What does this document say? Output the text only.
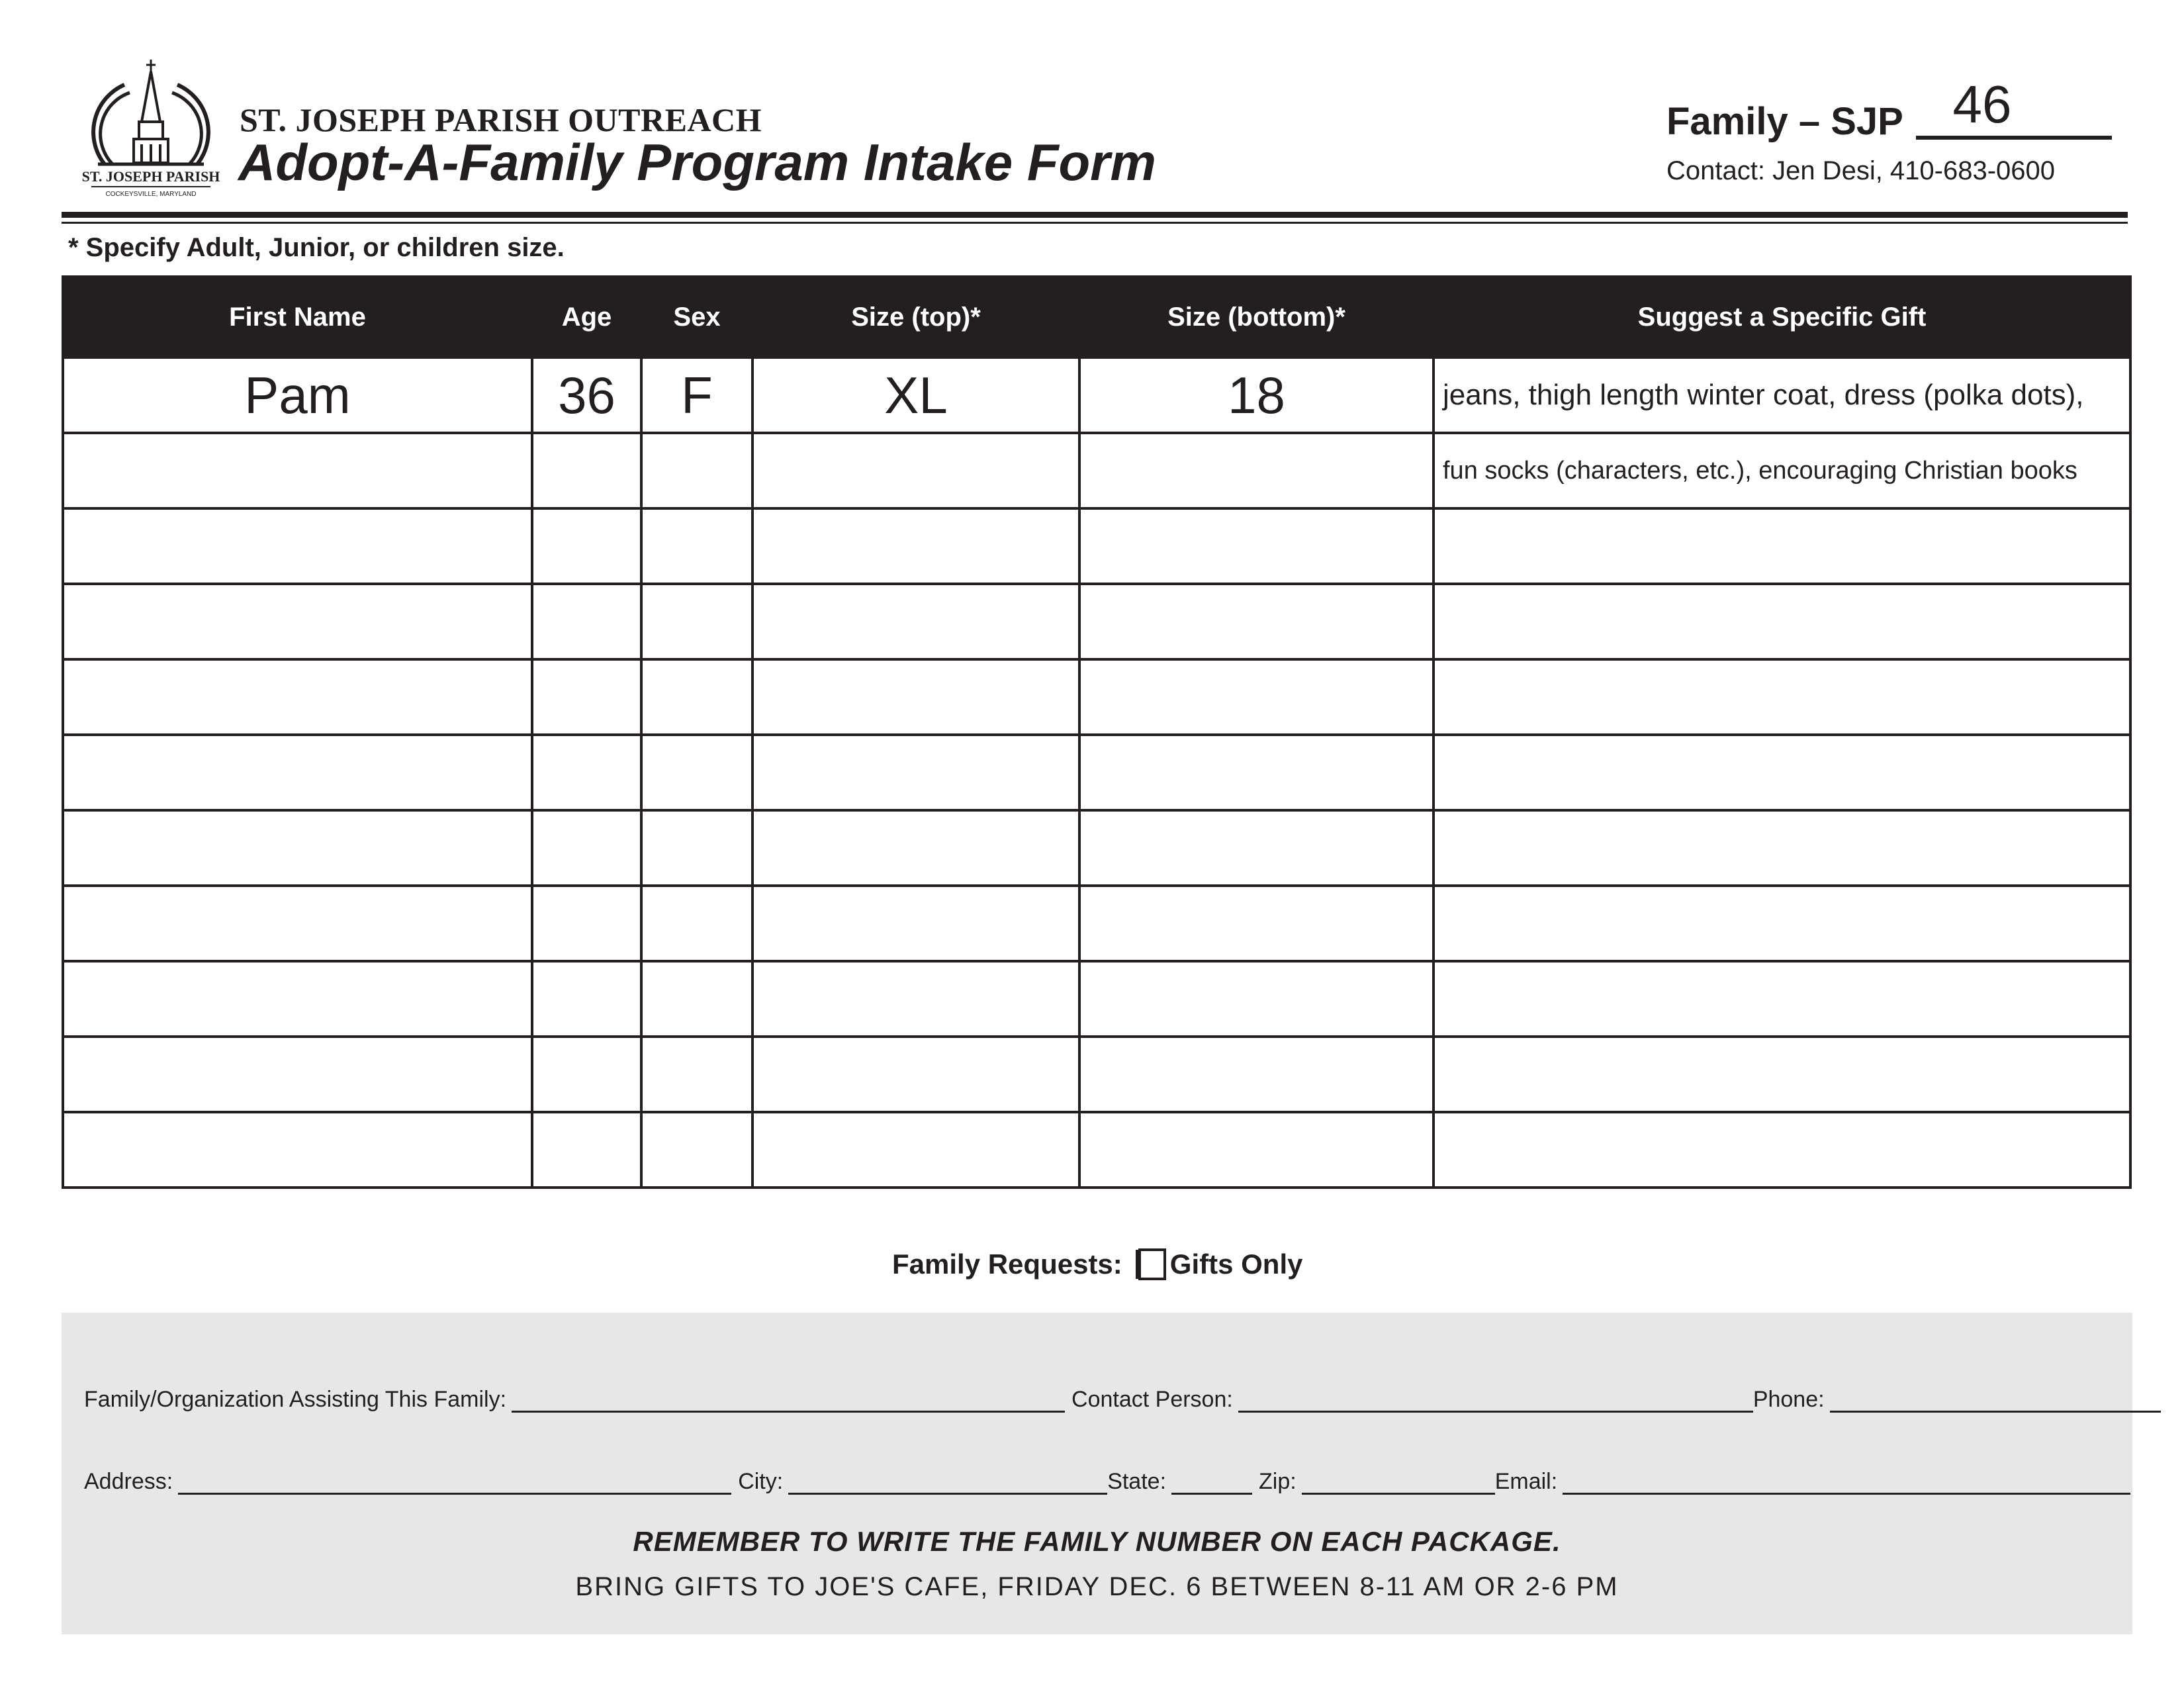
ST. JOSEPH PARISH
COCKEYSVILLE, MARYLAND
ST. JOSEPH PARISH OUTREACH
Adopt-A-Family Program Intake Form
Family – SJP 46
Contact: Jen Desi, 410-683-0600
* Specify Adult, Junior, or children size.
First Name	Age	Sex	Size (top)*	Size (bottom)*	Suggest a Specific Gift
Pam	36	F	XL	18	jeans, thigh length winter coat, dress (polka dots),
					fun socks (characters, etc.), encouraging Christian books

Family Requests: Gifts Only
Family/Organization Assisting This Family:	Contact Person:	Phone:
Address:	City:	State:	Zip:	Email:
REMEMBER TO WRITE THE FAMILY NUMBER ON EACH PACKAGE.
BRING GIFTS TO JOE'S CAFE, FRIDAY DEC. 6 BETWEEN 8-11 AM OR 2-6 PM
